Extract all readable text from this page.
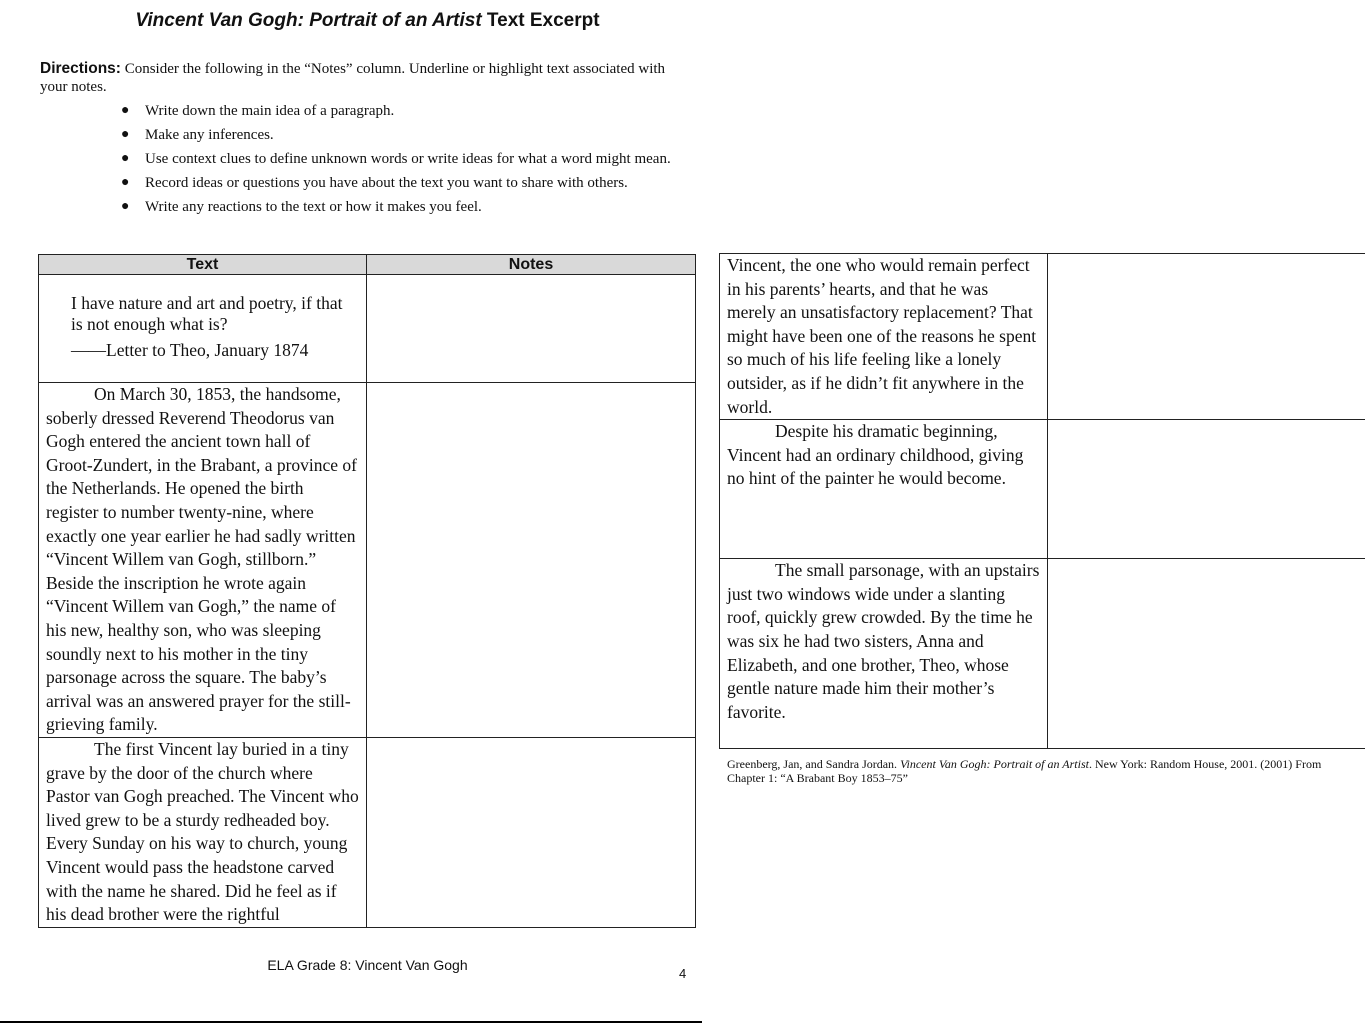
Vincent Van Gogh: Portrait of an Artist Text Excerpt
Directions: Consider the following in the “Notes” column. Underline or highlight text associated with your notes.
● Write down the main idea of a paragraph.
● Make any inferences.
● Use context clues to define unknown words or write ideas for what a word might mean.
● Record ideas or questions you have about the text you want to share with others.
● Write any reactions to the text or how it makes you feel.
Text	Notes

I have nature and art and poetry, if that is not enough what is?
——Letter to Theo, January 1874	

On March 30, 1853, the handsome, soberly dressed Reverend Theodorus van Gogh entered the ancient town hall of Groot-Zundert, in the Brabant, a province of the Netherlands. He opened the birth register to number twenty-nine, where exactly one year earlier he had sadly written “Vincent Willem van Gogh, stillborn.” Beside the inscription he wrote again “Vincent Willem van Gogh,” the name of his new, healthy son, who was sleeping soundly next to his mother in the tiny parsonage across the square. The baby’s arrival was an answered prayer for the still-grieving family.	

The first Vincent lay buried in a tiny grave by the door of the church where Pastor van Gogh preached. The Vincent who lived grew to be a sturdy redheaded boy. Every Sunday on his way to church, young Vincent would pass the headstone carved with the name he shared. Did he feel as if his dead brother were the rightful	

Vincent, the one who would remain perfect in his parents’ hearts, and that he was merely an unsatisfactory replacement? That might have been one of the reasons he spent so much of his life feeling like a lonely outsider, as if he didn’t fit anywhere in the world.	

Despite his dramatic beginning, Vincent had an ordinary childhood, giving no hint of the painter he would become.	

The small parsonage, with an upstairs just two windows wide under a slanting roof, quickly grew crowded. By the time he was six he had two sisters, Anna and Elizabeth, and one brother, Theo, whose gentle nature made him their mother’s favorite.	

Greenberg, Jan, and Sandra Jordan. Vincent Van Gogh: Portrait of an Artist. New York: Random House, 2001. (2001) From Chapter 1: “A Brabant Boy 1853–75”
ELA Grade 8: Vincent Van Gogh
4
